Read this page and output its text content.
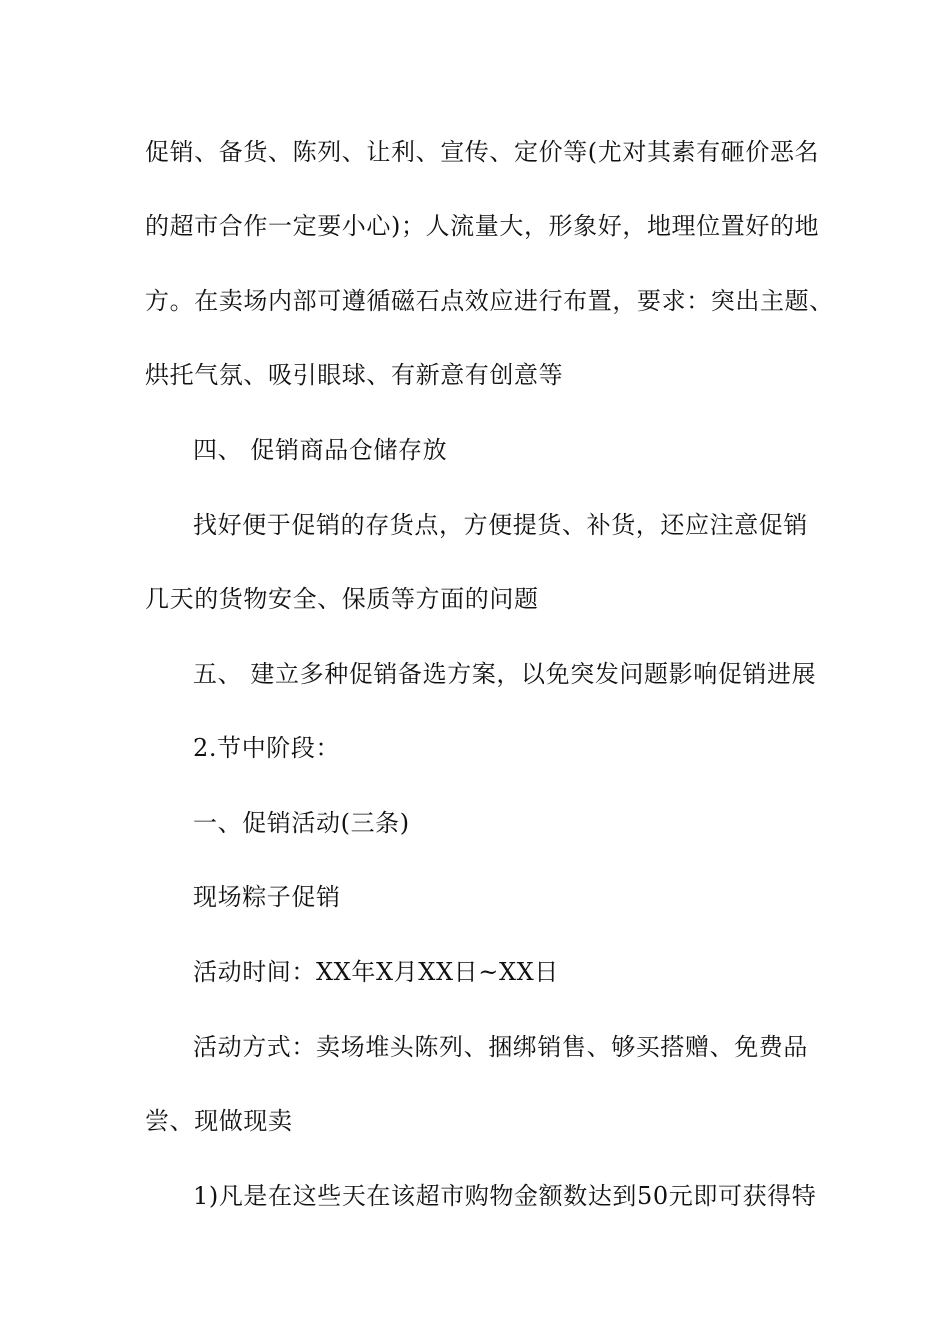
促销、备货、陈列、让利、宣传、定价等(尤对其素有砸价恶名
的超市合作一定要小心)；人流量大，形象好，地理位置好的地
方。在卖场内部可遵循磁石点效应进行布置，要求：突出主题、
烘托气氛、吸引眼球、有新意有创意等
四、 促销商品仓储存放
找好便于促销的存货点，方便提货、补货，还应注意促销
几天的货物安全、保质等方面的问题
五、 建立多种促销备选方案，以免突发问题影响促销进展
2.节中阶段：
一、促销活动(三条)
现场粽子促销
活动时间：XX年X月XX日~XX日
活动方式：卖场堆头陈列、捆绑销售、够买搭赠、免费品
尝、现做现卖
1)凡是在这些天在该超市购物金额数达到50元即可获得特
